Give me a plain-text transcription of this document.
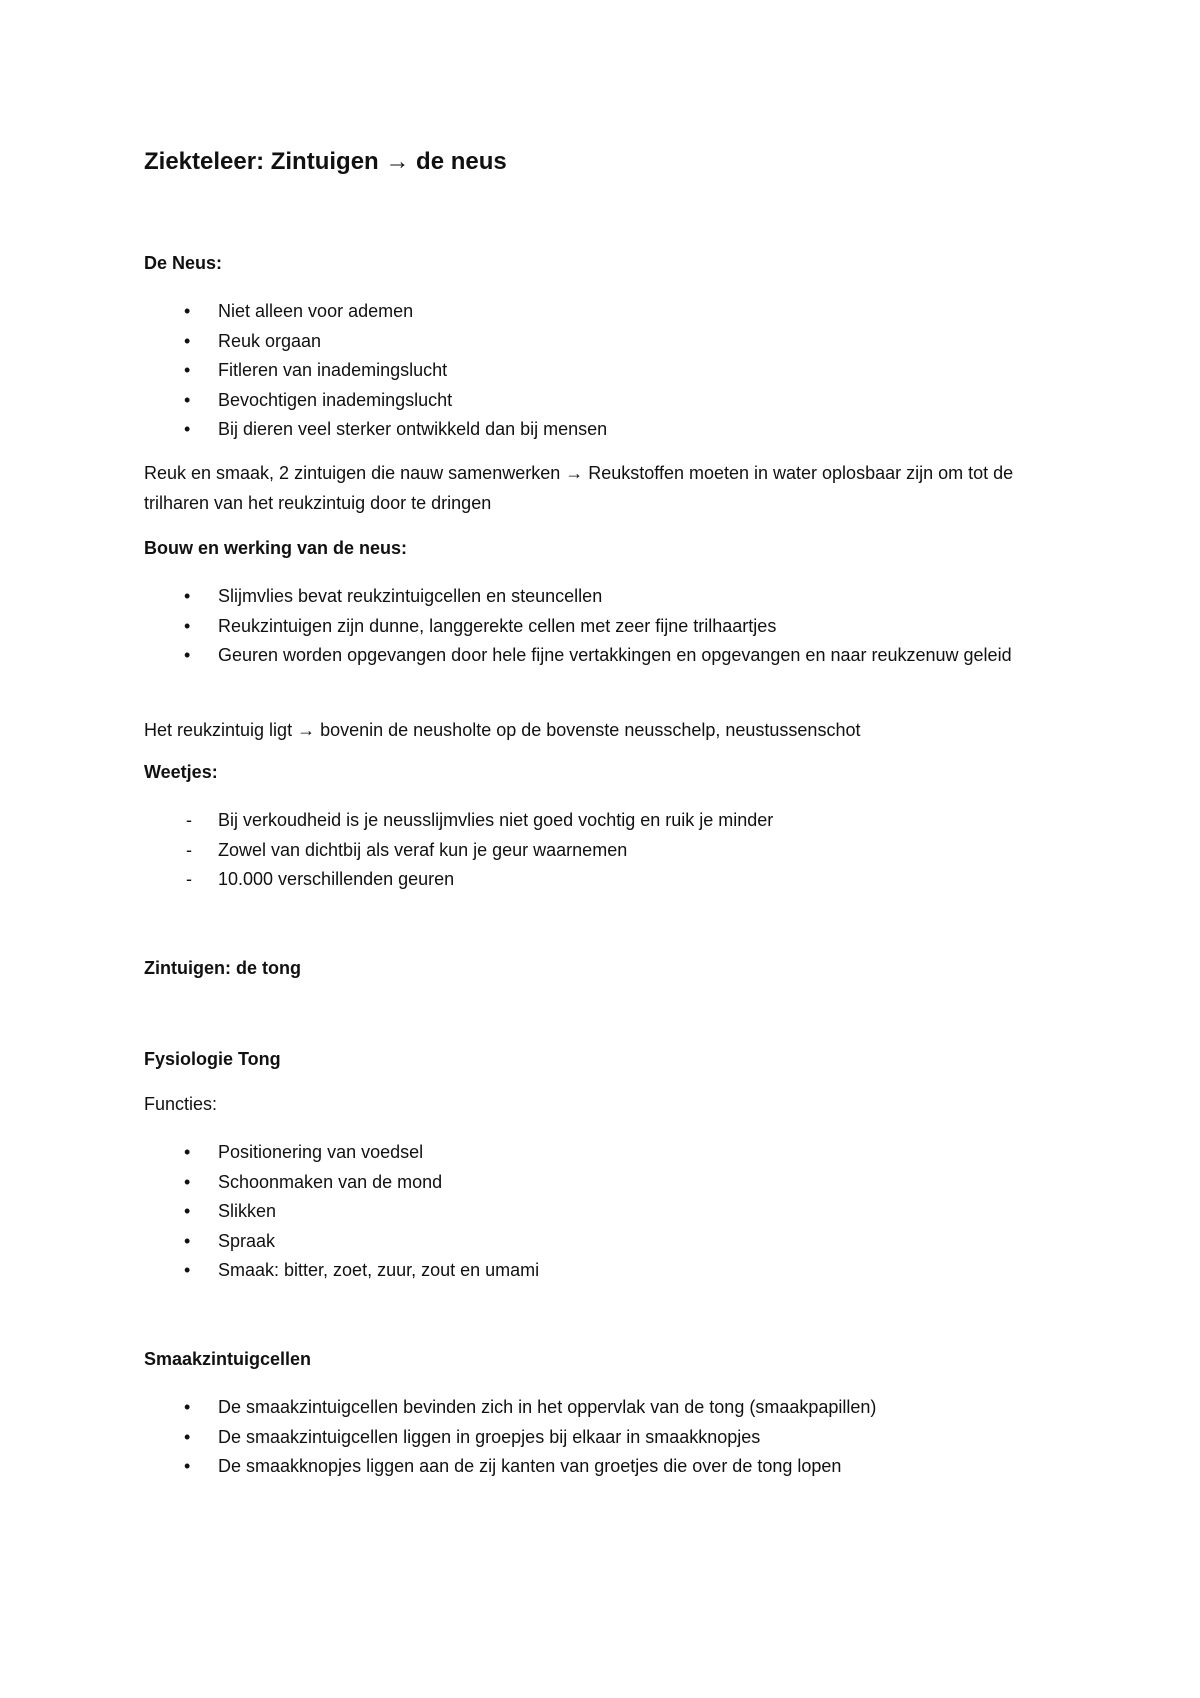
Ziekteleer: Zintuigen → de neus
De Neus:
• Niet alleen voor ademen
• Reuk orgaan
• Fitleren van inademingslucht
• Bevochtigen inademingslucht
• Bij dieren veel sterker ontwikkeld dan bij mensen

Reuk en smaak, 2 zintuigen die nauw samenwerken → Reukstoffen moeten in water oplosbaar zijn om tot de trilharen van het reukzintuig door te dringen

Bouw en werking van de neus:
• Slijmvlies bevat reukzintuigcellen en steuncellen
• Reukzintuigen zijn dunne, langgerekte cellen met zeer fijne trilhaartjes
• Geuren worden opgevangen door hele fijne vertakkingen en opgevangen en naar reukzenuw geleid

Het reukzintuig ligt → bovenin de neusholte op de bovenste neusschelp, neustussenschot

Weetjes:
- Bij verkoudheid is je neusslijmvlies niet goed vochtig en ruik je minder
- Zowel van dichtbij als veraf kun je geur waarnemen
- 10.000 verschillenden geuren
Zintuigen: de tong
Fysiologie Tong
Functies:
• Positionering van voedsel
• Schoonmaken van de mond
• Slikken
• Spraak
• Smaak: bitter, zoet, zuur, zout en umami
Smaakzintuigcellen
• De smaakzintuigcellen bevinden zich in het oppervlak van de tong (smaakpapillen)
• De smaakzintuigcellen liggen in groepjes bij elkaar in smaakknopjes
• De smaakknopjes liggen aan de zij kanten van groetjes die over de tong lopen
